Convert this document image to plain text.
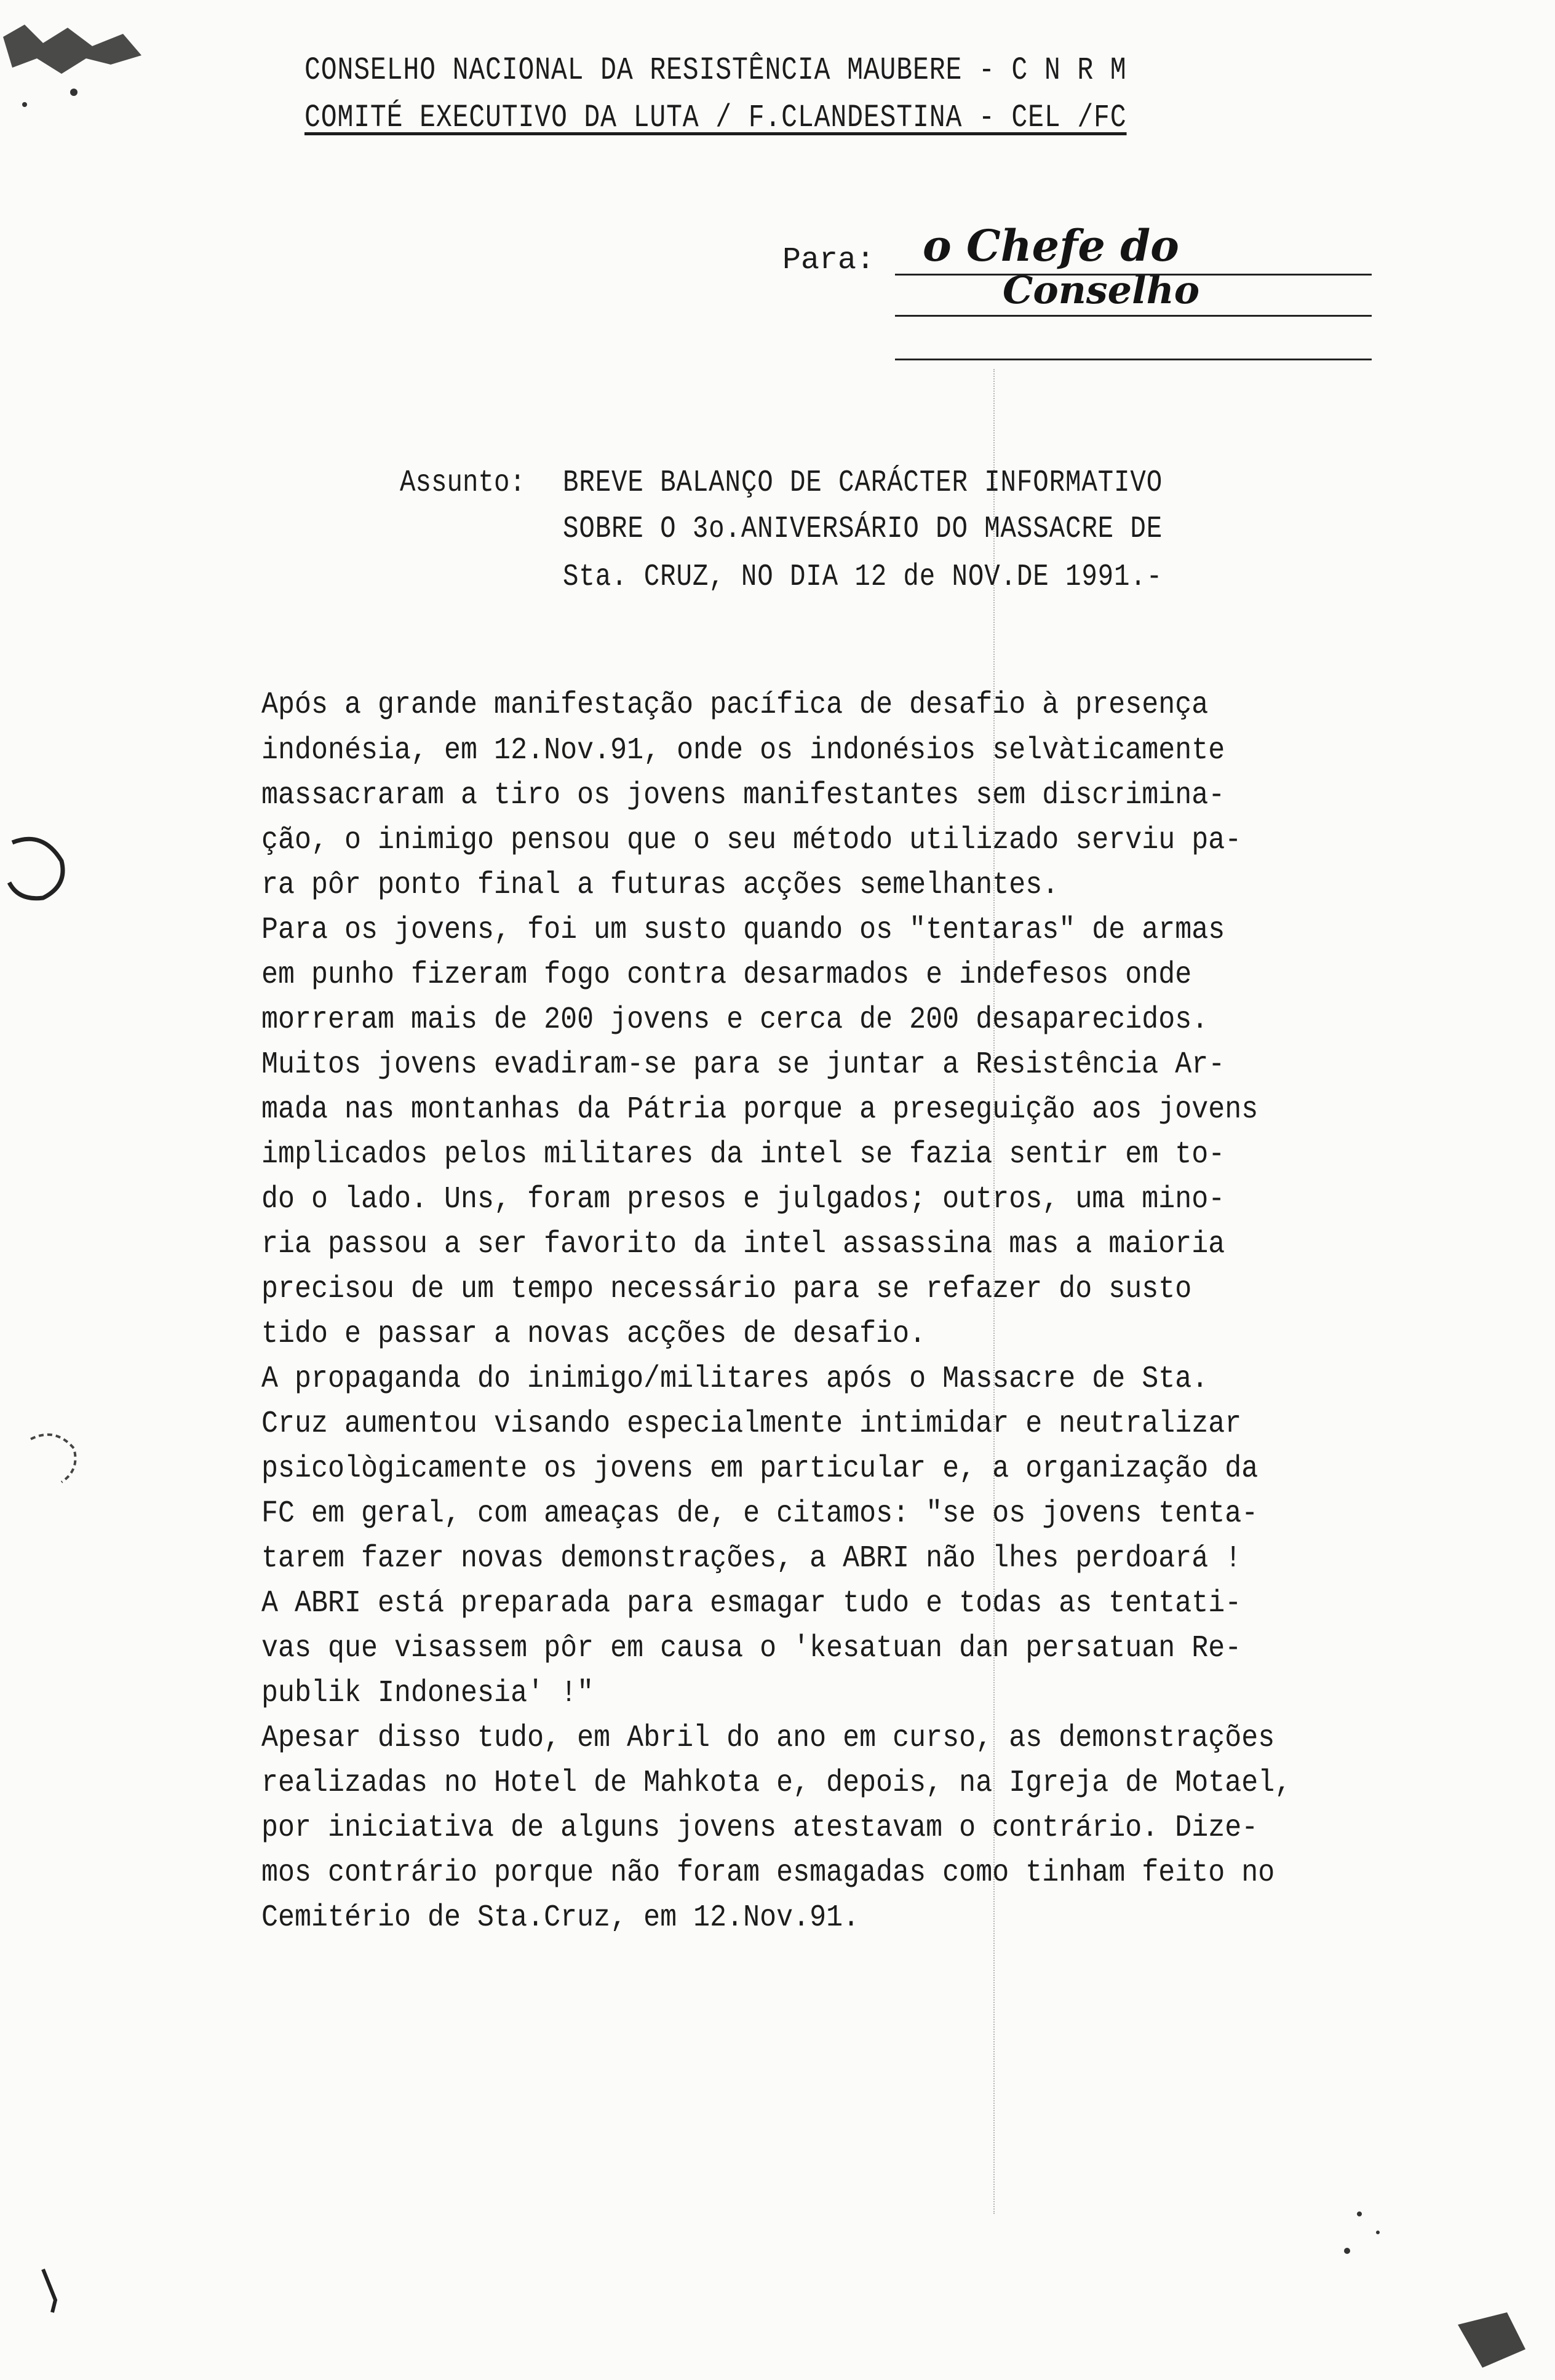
CONSELHO NACIONAL DA RESISTÊNCIA MAUBERE - C N R M
COMITÉ EXECUTIVO DA LUTA / F.CLANDESTINA - CEL /FC
Para: o Chefe do
Conselho
Assunto: BREVE BALANÇO DE CARÁCTER INFORMATIVO
SOBRE O 3o.ANIVERSÁRIO DO MASSACRE DE
Sta. CRUZ, NO DIA 12 de NOV.DE 1991.-
Após a grande manifestação pacífica de desafio à presença
indonésia, em 12.Nov.91, onde os indonésios selvàticamente
massacraram a tiro os jovens manifestantes sem discrimina-
ção, o inimigo pensou que o seu método utilizado serviu pa-
ra pôr ponto final a futuras acções semelhantes.
Para os jovens, foi um susto quando os "tentaras" de armas
em punho fizeram fogo contra desarmados e indefesos onde
morreram mais de 200 jovens e cerca de 200 desaparecidos.
Muitos jovens evadiram-se para se juntar a Resistência Ar-
mada nas montanhas da Pátria porque a preseguição aos jovens
implicados pelos militares da intel se fazia sentir em to-
do o lado. Uns, foram presos e julgados; outros, uma mino-
ria passou a ser favorito da intel assassina mas a maioria
precisou de um tempo necessário para se refazer do susto
tido e passar a novas acções de desafio.
A propaganda do inimigo/militares após o Massacre de Sta.
Cruz aumentou visando especialmente intimidar e neutralizar
psicològicamente os jovens em particular e, a organização da
FC em geral, com ameaças de, e citamos: "se os jovens tenta-
tarem fazer novas demonstrações, a ABRI não lhes perdoará !
A ABRI está preparada para esmagar tudo e todas as tentati-
vas que visassem pôr em causa o 'kesatuan dan persatuan Re-
publik Indonesia' !"
Apesar disso tudo, em Abril do ano em curso, as demonstrações
realizadas no Hotel de Mahkota e, depois, na Igreja de Motael,
por iniciativa de alguns jovens atestavam o contrário. Dize-
mos contrário porque não foram esmagadas como tinham feito no
Cemitério de Sta.Cruz, em 12.Nov.91.
